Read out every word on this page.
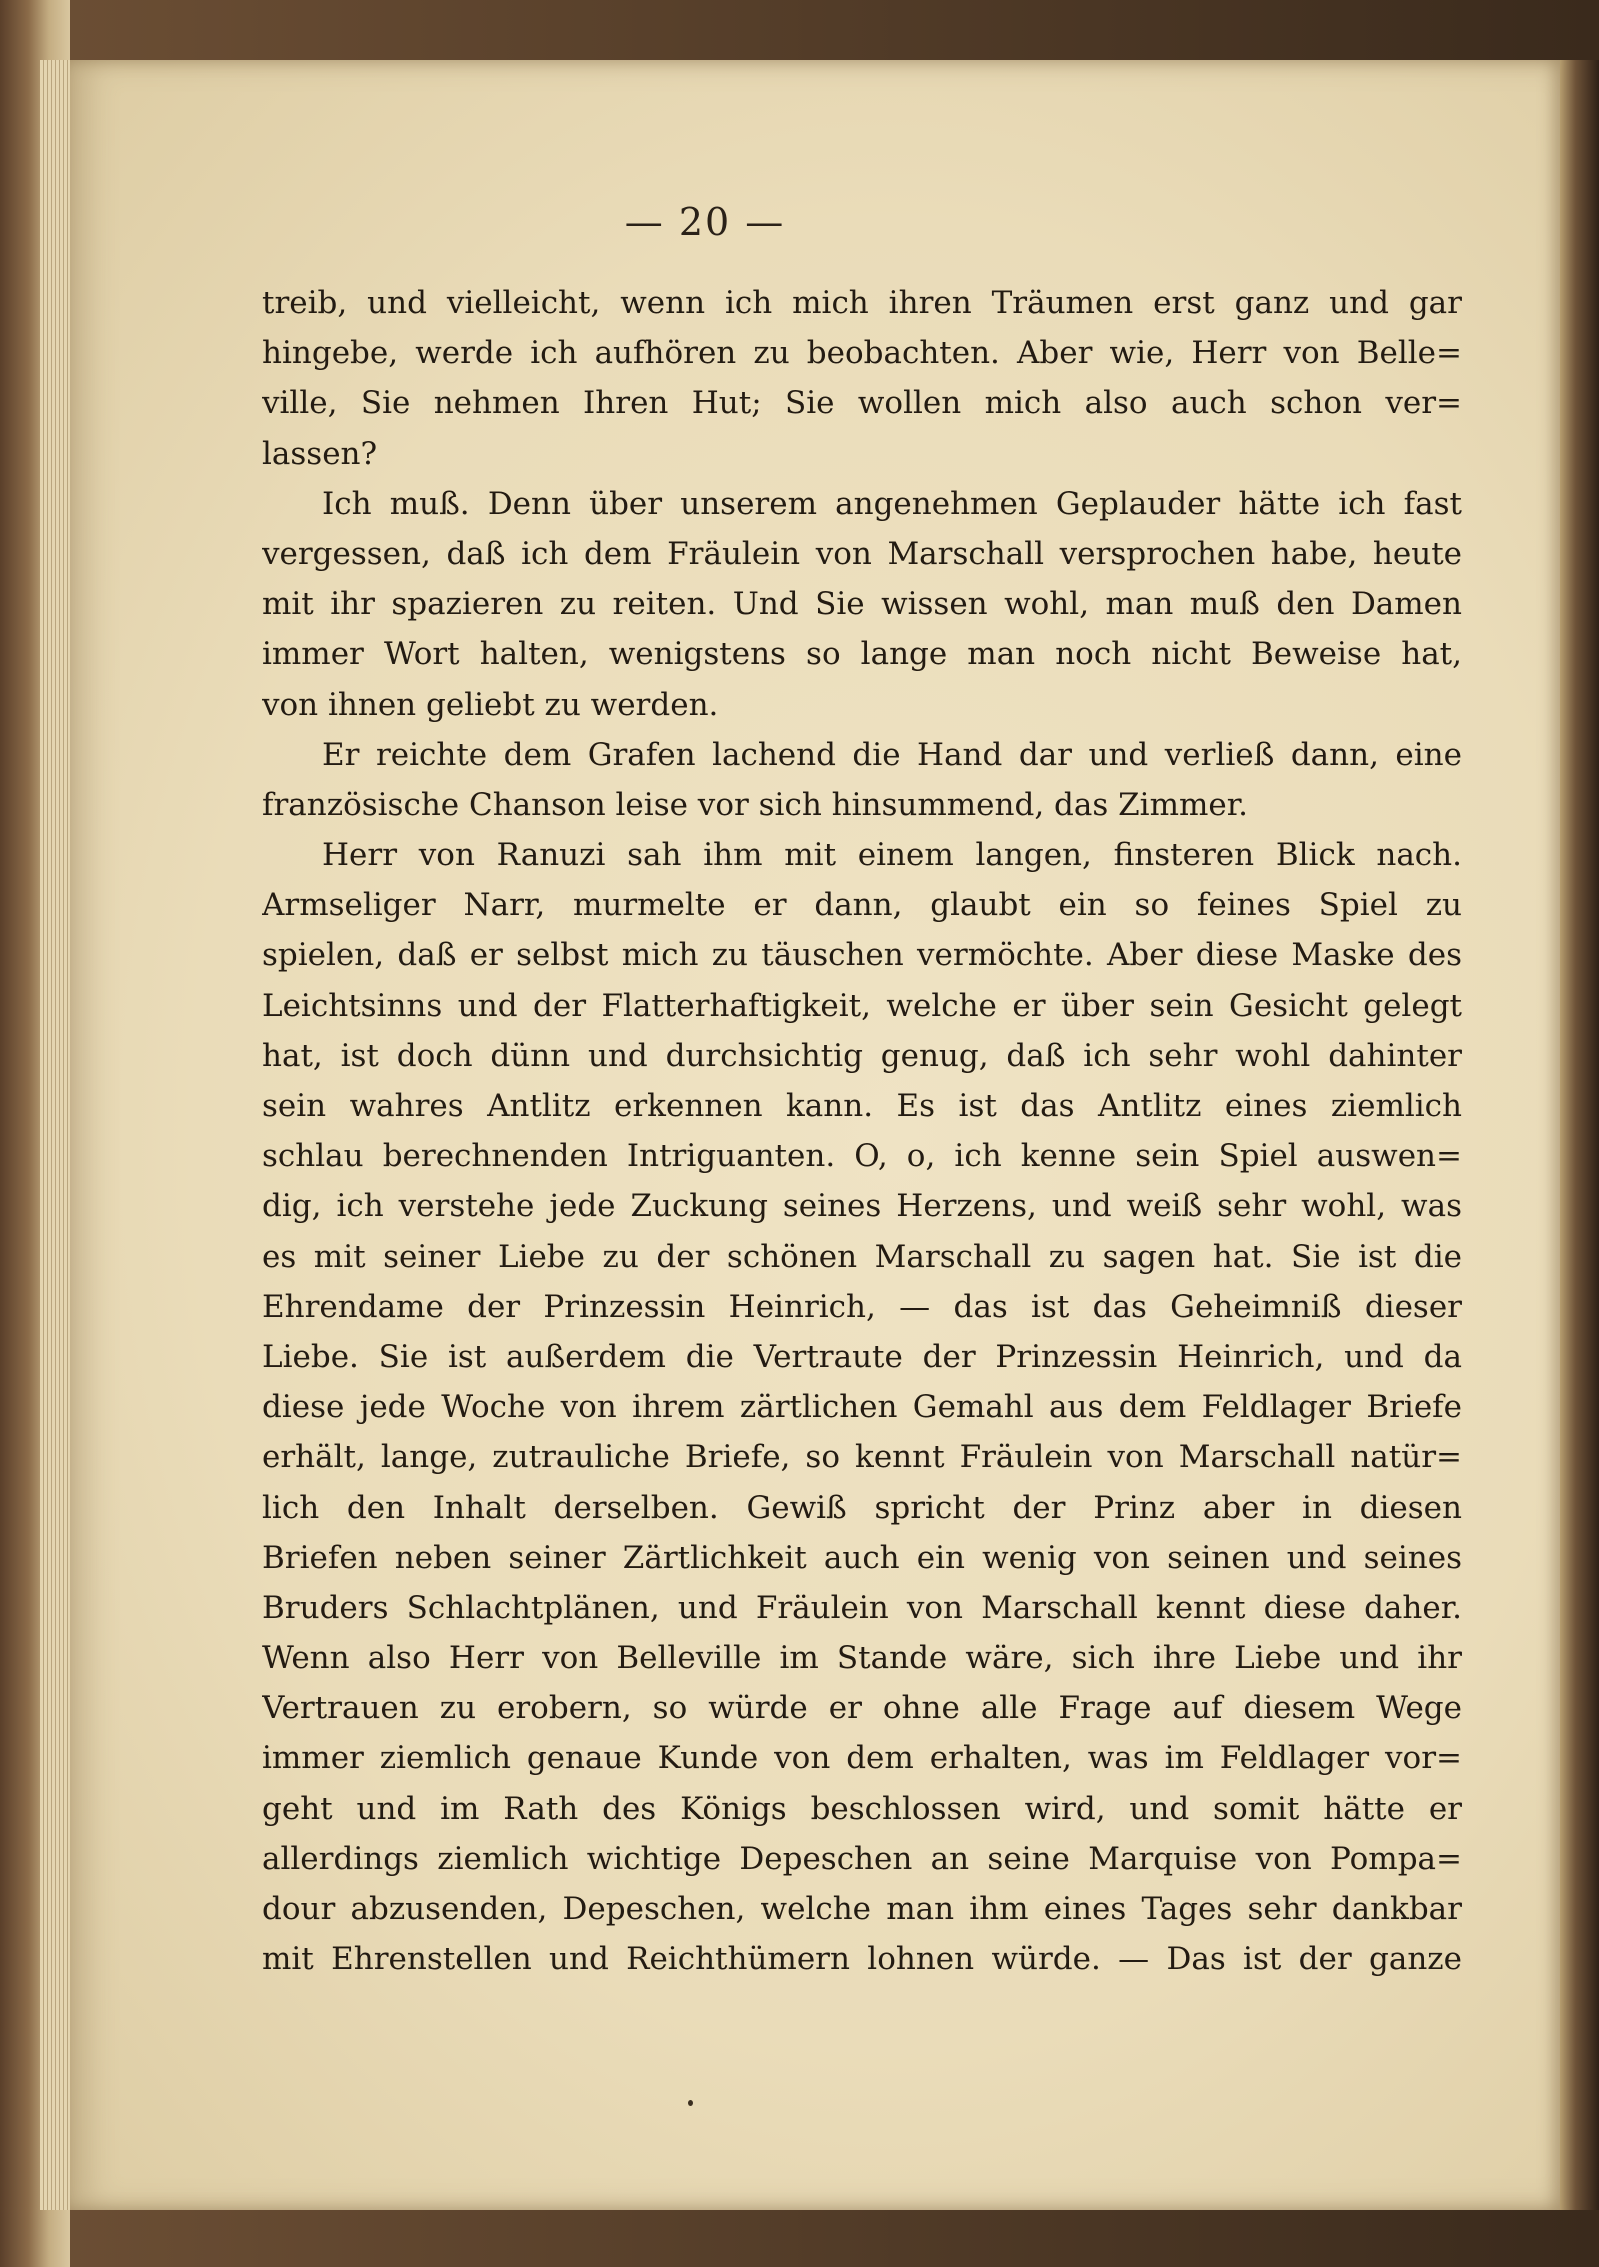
— 20 —
treib, und vielleicht, wenn ich mich ihren Träumen erst ganz und gar
hingebe, werde ich aufhören zu beobachten. Aber wie, Herr von Belle=
ville, Sie nehmen Ihren Hut; Sie wollen mich also auch schon ver=
lassen?
Ich muß. Denn über unserem angenehmen Geplauder hätte ich fast
vergessen, daß ich dem Fräulein von Marschall versprochen habe, heute
mit ihr spazieren zu reiten. Und Sie wissen wohl, man muß den Damen
immer Wort halten, wenigstens so lange man noch nicht Beweise hat,
von ihnen geliebt zu werden.
Er reichte dem Grafen lachend die Hand dar und verließ dann, eine
französische Chanson leise vor sich hinsummend, das Zimmer.
Herr von Ranuzi sah ihm mit einem langen, finsteren Blick nach.
Armseliger Narr, murmelte er dann, glaubt ein so feines Spiel zu
spielen, daß er selbst mich zu täuschen vermöchte. Aber diese Maske des
Leichtsinns und der Flatterhaftigkeit, welche er über sein Gesicht gelegt
hat, ist doch dünn und durchsichtig genug, daß ich sehr wohl dahinter
sein wahres Antlitz erkennen kann. Es ist das Antlitz eines ziemlich
schlau berechnenden Intriguanten. O, o, ich kenne sein Spiel auswen=
dig, ich verstehe jede Zuckung seines Herzens, und weiß sehr wohl, was
es mit seiner Liebe zu der schönen Marschall zu sagen hat. Sie ist die
Ehrendame der Prinzessin Heinrich, — das ist das Geheimniß dieser
Liebe. Sie ist außerdem die Vertraute der Prinzessin Heinrich, und da
diese jede Woche von ihrem zärtlichen Gemahl aus dem Feldlager Briefe
erhält, lange, zutrauliche Briefe, so kennt Fräulein von Marschall natür=
lich den Inhalt derselben. Gewiß spricht der Prinz aber in diesen
Briefen neben seiner Zärtlichkeit auch ein wenig von seinen und seines
Bruders Schlachtplänen, und Fräulein von Marschall kennt diese daher.
Wenn also Herr von Belleville im Stande wäre, sich ihre Liebe und ihr
Vertrauen zu erobern, so würde er ohne alle Frage auf diesem Wege
immer ziemlich genaue Kunde von dem erhalten, was im Feldlager vor=
geht und im Rath des Königs beschlossen wird, und somit hätte er
allerdings ziemlich wichtige Depeschen an seine Marquise von Pompa=
dour abzusenden, Depeschen, welche man ihm eines Tages sehr dankbar
mit Ehrenstellen und Reichthümern lohnen würde. — Das ist der ganze
